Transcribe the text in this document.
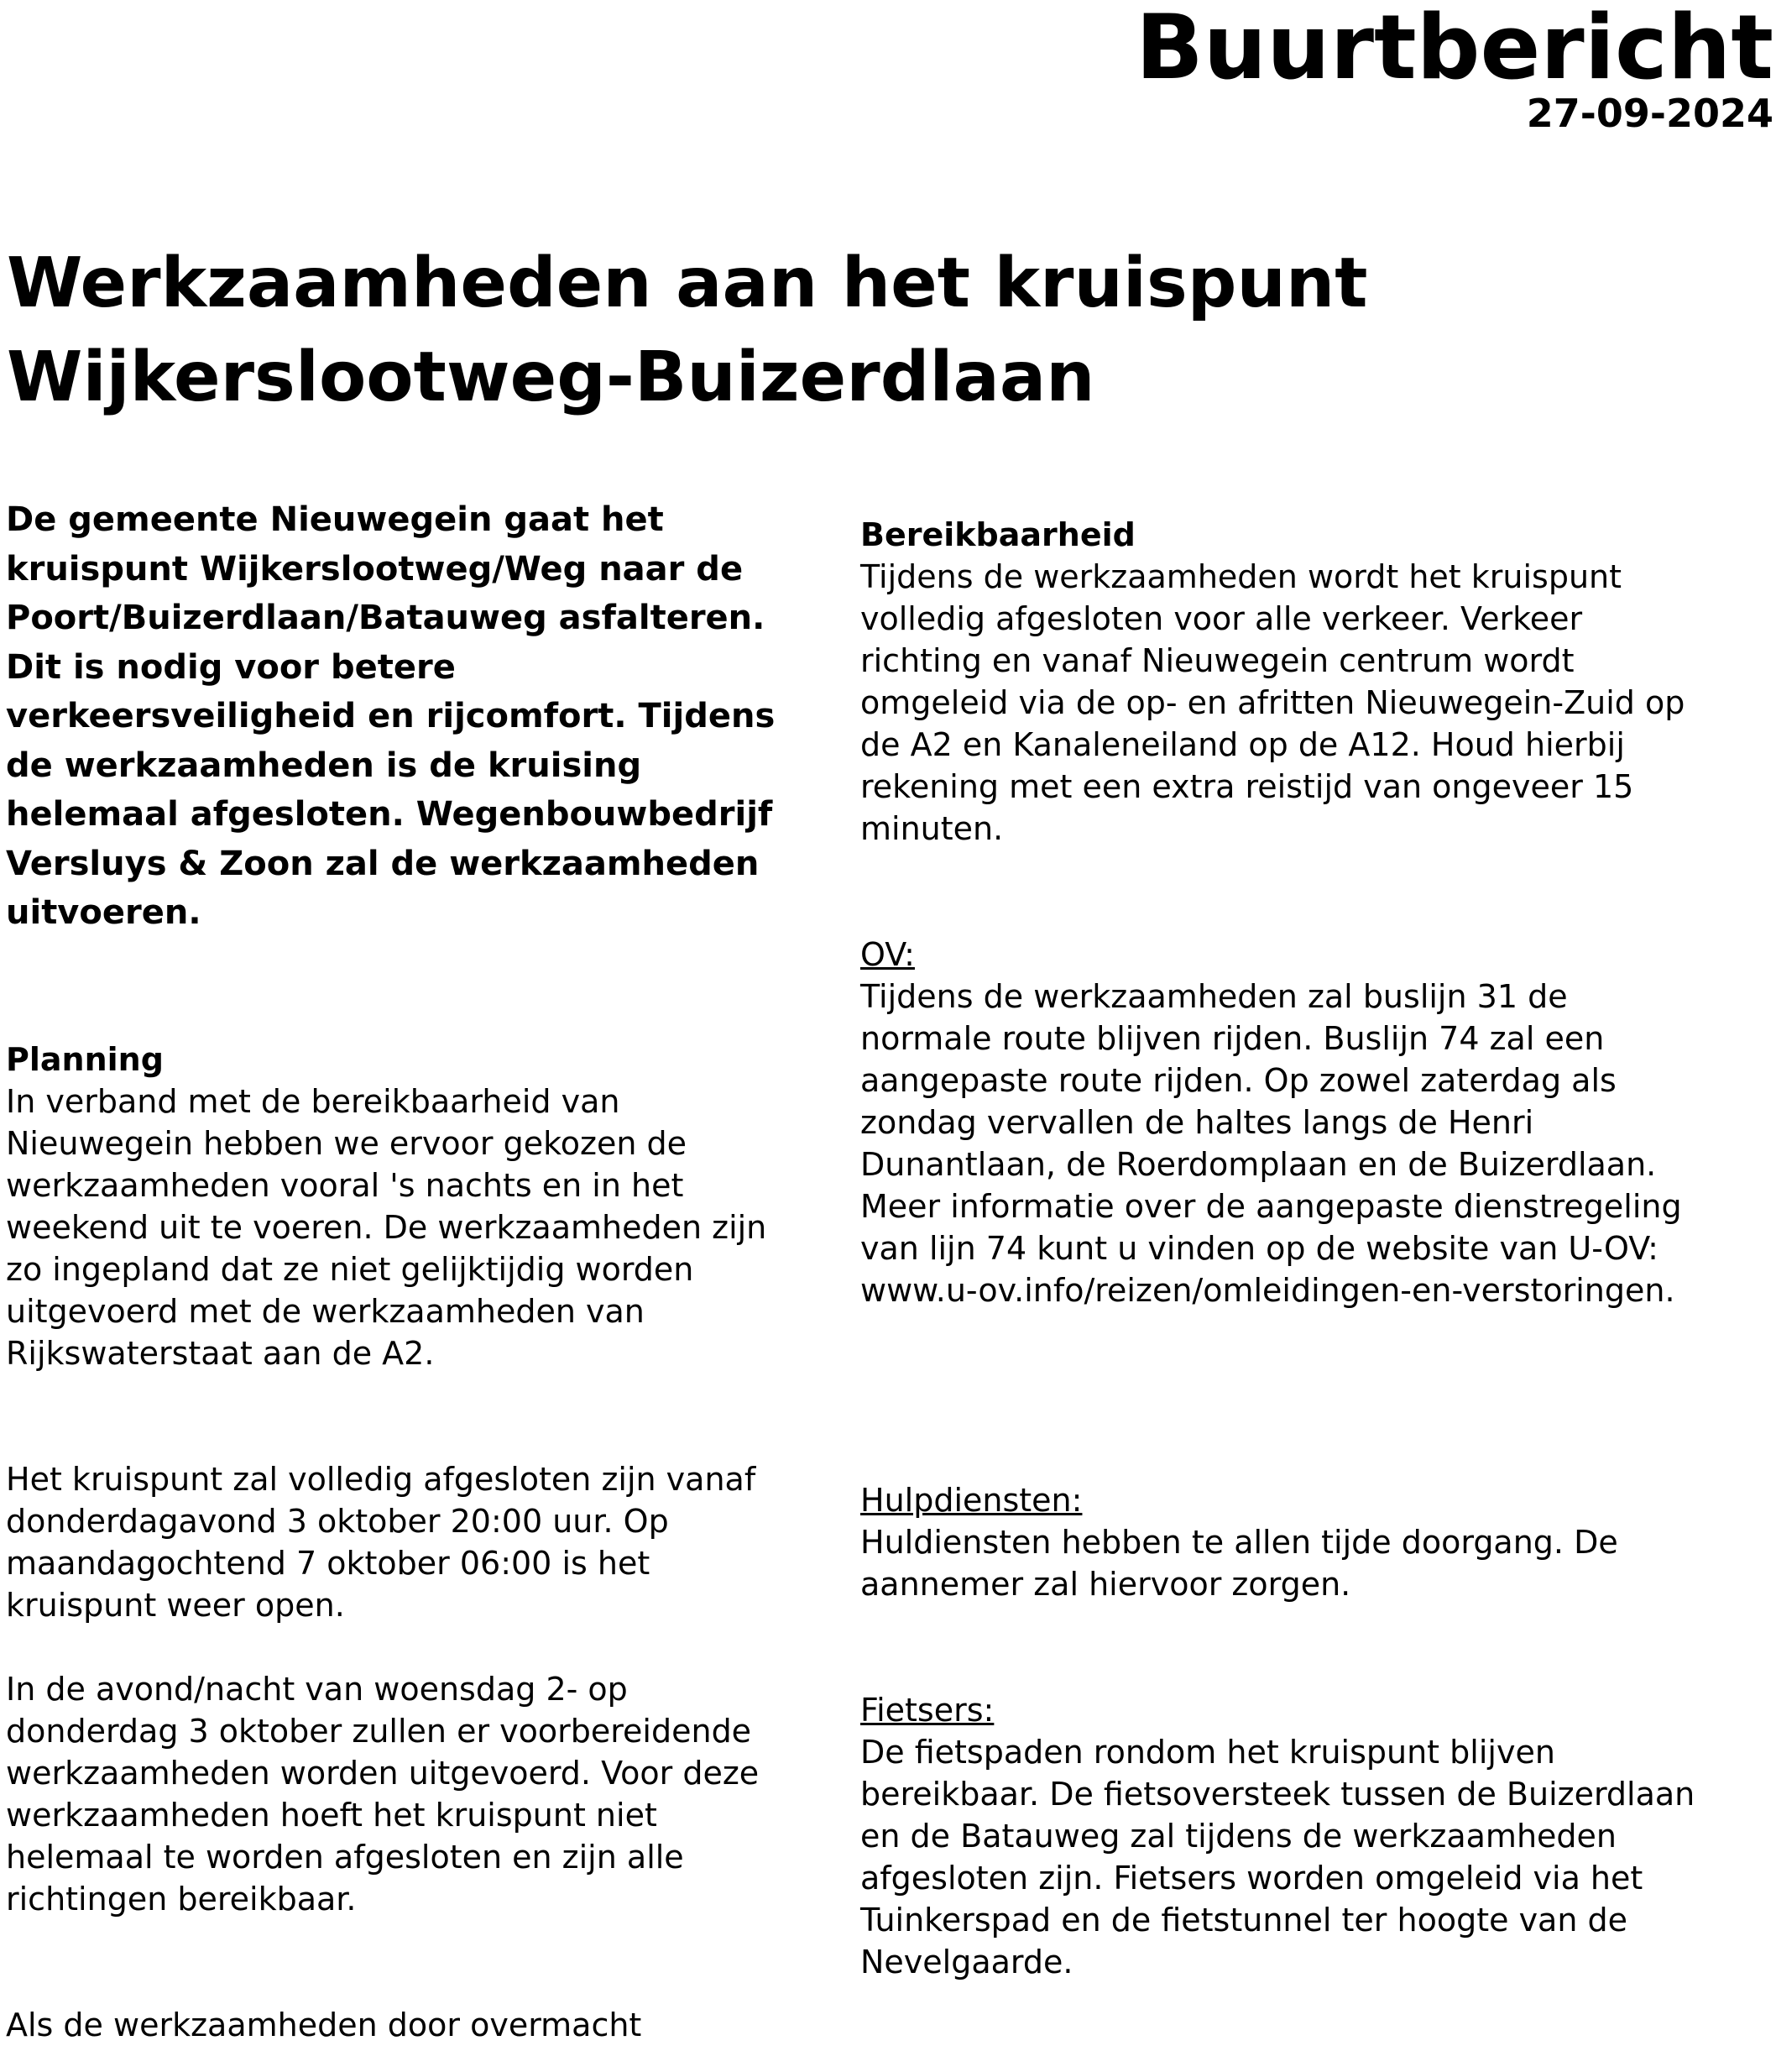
Buurtbericht
27-09-2024
Werkzaamheden aan het kruispunt Wijkerslootweg-Buizerdlaan

De gemeente Nieuwegein gaat het kruispunt Wijkerslootweg/Weg naar de Poort/Buizerdlaan/Batauweg asfalteren. Dit is nodig voor betere verkeersveiligheid en rijcomfort. Tijdens de werkzaamheden is de kruising helemaal afgesloten. Wegenbouwbedrijf Versluys & Zoon zal de werkzaamheden uitvoeren.

Planning

In verband met de bereikbaarheid van Nieuwegein hebben we ervoor gekozen de werkzaamheden vooral 's nachts en in het weekend uit te voeren. De werkzaamheden zijn zo ingepland dat ze niet gelijktijdig worden uitgevoerd met de werkzaamheden van Rijkswaterstaat aan de A2.

Het kruispunt zal volledig afgesloten zijn vanaf donderdagavond 3 oktober 20:00 uur. Op maandagochtend 7 oktober 06:00 is het kruispunt weer open.

In de avond/nacht van woensdag 2- op donderdag 3 oktober zullen er voorbereidende werkzaamheden worden uitgevoerd. Voor deze werkzaamheden hoeft het kruispunt niet helemaal te worden afgesloten en zijn alle richtingen bereikbaar.

Als de werkzaamheden door overmacht

Bereikbaarheid

Tijdens de werkzaamheden wordt het kruispunt volledig afgesloten voor alle verkeer. Verkeer richting en vanaf Nieuwegein centrum wordt omgeleid via de op- en afritten Nieuwegein-Zuid op de A2 en Kanaleneiland op de A12. Houd hierbij rekening met een extra reistijd van ongeveer 15 minuten.

OV:

Tijdens de werkzaamheden zal buslijn 31 de normale route blijven rijden. Buslijn 74 zal een aangepaste route rijden. Op zowel zaterdag als zondag vervallen de haltes langs de Henri Dunantlaan, de Roerdomplaan en de Buizerdlaan. Meer informatie over de aangepaste dienstregeling van lijn 74 kunt u vinden op de website van U-OV: www.u-ov.info/reizen/omleidingen-en-verstoringen.

Hulpdiensten:

Huldiensten hebben te allen tijde doorgang. De aannemer zal hiervoor zorgen.

Fietsers:

De fietspaden rondom het kruispunt blijven bereikbaar. De fietsoversteek tussen de Buizerdlaan en de Batauweg zal tijdens de werkzaamheden afgesloten zijn. Fietsers worden omgeleid via het Tuinkerspad en de fietstunnel ter hoogte van de Nevelgaarde.
